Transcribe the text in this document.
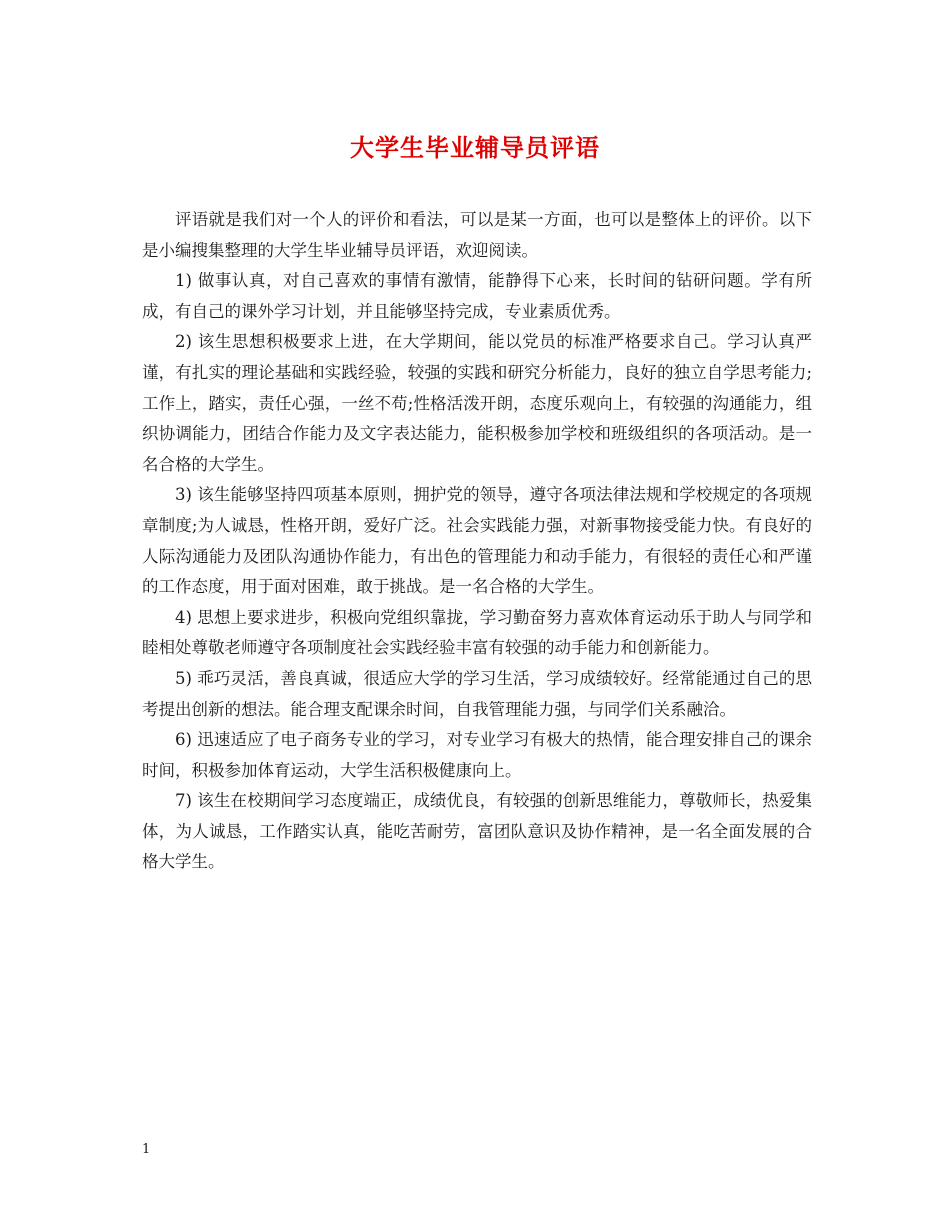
大学生毕业辅导员评语

评语就是我们对一个人的评价和看法，可以是某一方面，也可以是整体上的评价。以下是小编搜集整理的大学生毕业辅导员评语，欢迎阅读。

1) 做事认真，对自己喜欢的事情有激情，能静得下心来，长时间的钻研问题。学有所成，有自己的课外学习计划，并且能够坚持完成，专业素质优秀。

2) 该生思想积极要求上进，在大学期间，能以党员的标准严格要求自己。学习认真严谨，有扎实的理论基础和实践经验，较强的实践和研究分析能力，良好的独立自学思考能力;工作上，踏实，责任心强，一丝不苟;性格活泼开朗，态度乐观向上，有较强的沟通能力，组织协调能力，团结合作能力及文字表达能力，能积极参加学校和班级组织的各项活动。是一名合格的大学生。

3) 该生能够坚持四项基本原则，拥护党的领导，遵守各项法律法规和学校规定的各项规章制度;为人诚恳，性格开朗，爱好广泛。社会实践能力强，对新事物接受能力快。有良好的人际沟通能力及团队沟通协作能力，有出色的管理能力和动手能力，有很轻的责任心和严谨的工作态度，用于面对困难，敢于挑战。是一名合格的大学生。

4) 思想上要求进步，积极向党组织靠拢，学习勤奋努力喜欢体育运动乐于助人与同学和睦相处尊敬老师遵守各项制度社会实践经验丰富有较强的动手能力和创新能力。

5) 乖巧灵活，善良真诚，很适应大学的学习生活，学习成绩较好。经常能通过自己的思考提出创新的想法。能合理支配课余时间，自我管理能力强，与同学们关系融洽。

6) 迅速适应了电子商务专业的学习，对专业学习有极大的热情，能合理安排自己的课余时间，积极参加体育运动，大学生活积极健康向上。

7) 该生在校期间学习态度端正，成绩优良，有较强的创新思维能力，尊敬师长，热爱集体，为人诚恳，工作踏实认真，能吃苦耐劳，富团队意识及协作精神，是一名全面发展的合格大学生。

1
